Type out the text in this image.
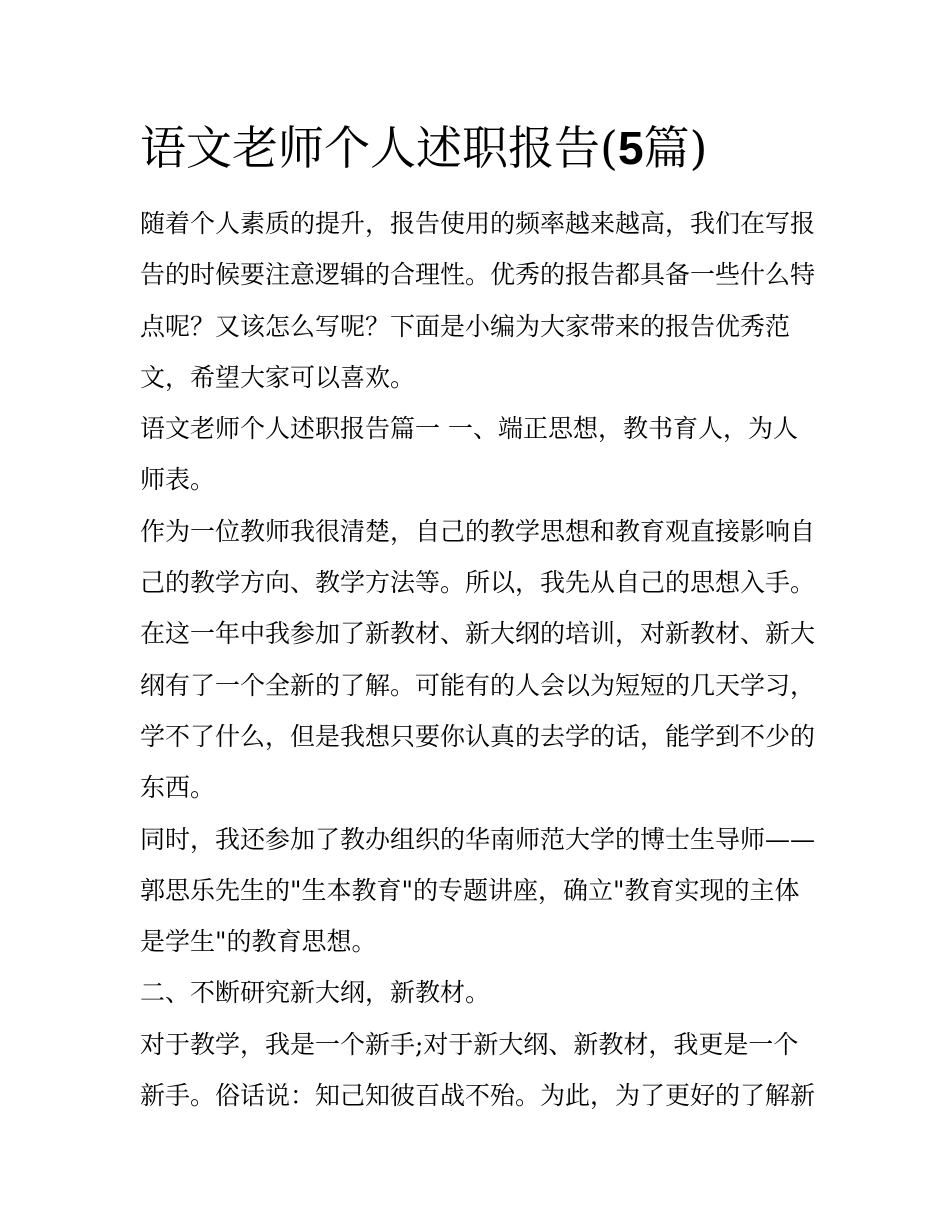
语文老师个人述职报告(5篇)

随着个人素质的提升，报告使用的频率越来越高，我们在写报告的时候要注意逻辑的合理性。优秀的报告都具备一些什么特点呢？又该怎么写呢？下面是小编为大家带来的报告优秀范文，希望大家可以喜欢。

语文老师个人述职报告篇一 一、端正思想，教书育人，为人师表。

作为一位教师我很清楚，自己的教学思想和教育观直接影响自己的教学方向、教学方法等。所以，我先从自己的思想入手。在这一年中我参加了新教材、新大纲的培训，对新教材、新大纲有了一个全新的了解。可能有的人会以为短短的几天学习，学不了什么，但是我想只要你认真的去学的话，能学到不少的东西。

同时，我还参加了教办组织的华南师范大学的博士生导师——郭思乐先生的"生本教育"的专题讲座，确立"教育实现的主体是学生"的教育思想。

二、不断研究新大纲，新教材。

对于教学，我是一个新手;对于新大纲、新教材，我更是一个新手。俗话说：知己知彼百战不殆。为此，为了更好的了解新
